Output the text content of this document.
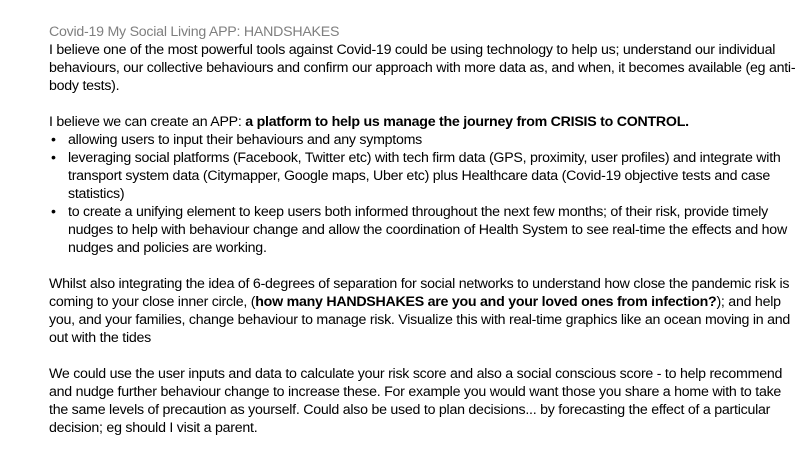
Covid-19 My Social Living APP: HANDSHAKES

I believe one of the most powerful tools against Covid-19 could be using technology to help us; understand our individual behaviours, our collective behaviours and confirm our approach with more data as, and when, it becomes available (eg anti-body tests).

I believe we can create an APP: a platform to help us manage the journey from CRISIS to CONTROL.

• allowing users to input their behaviours and any symptoms
• leveraging social platforms (Facebook, Twitter etc) with tech firm data (GPS, proximity, user profiles) and integrate with transport system data (Citymapper, Google maps, Uber etc) plus Healthcare data (Covid-19 objective tests and case statistics)
• to create a unifying element to keep users both informed throughout the next few months; of their risk, provide timely nudges to help with behaviour change and allow the coordination of Health System to see real-time the effects and how nudges and policies are working.

Whilst also integrating the idea of 6-degrees of separation for social networks to understand how close the pandemic risk is coming to your close inner circle, (how many HANDSHAKES are you and your loved ones from infection?); and help you, and your families, change behaviour to manage risk. Visualize this with real-time graphics like an ocean moving in and out with the tides

We could use the user inputs and data to calculate your risk score and also a social conscious score - to help recommend and nudge further behaviour change to increase these. For example you would want those you share a home with to take the same levels of precaution as yourself. Could also be used to plan decisions... by forecasting the effect of a particular decision; eg should I visit a parent.
